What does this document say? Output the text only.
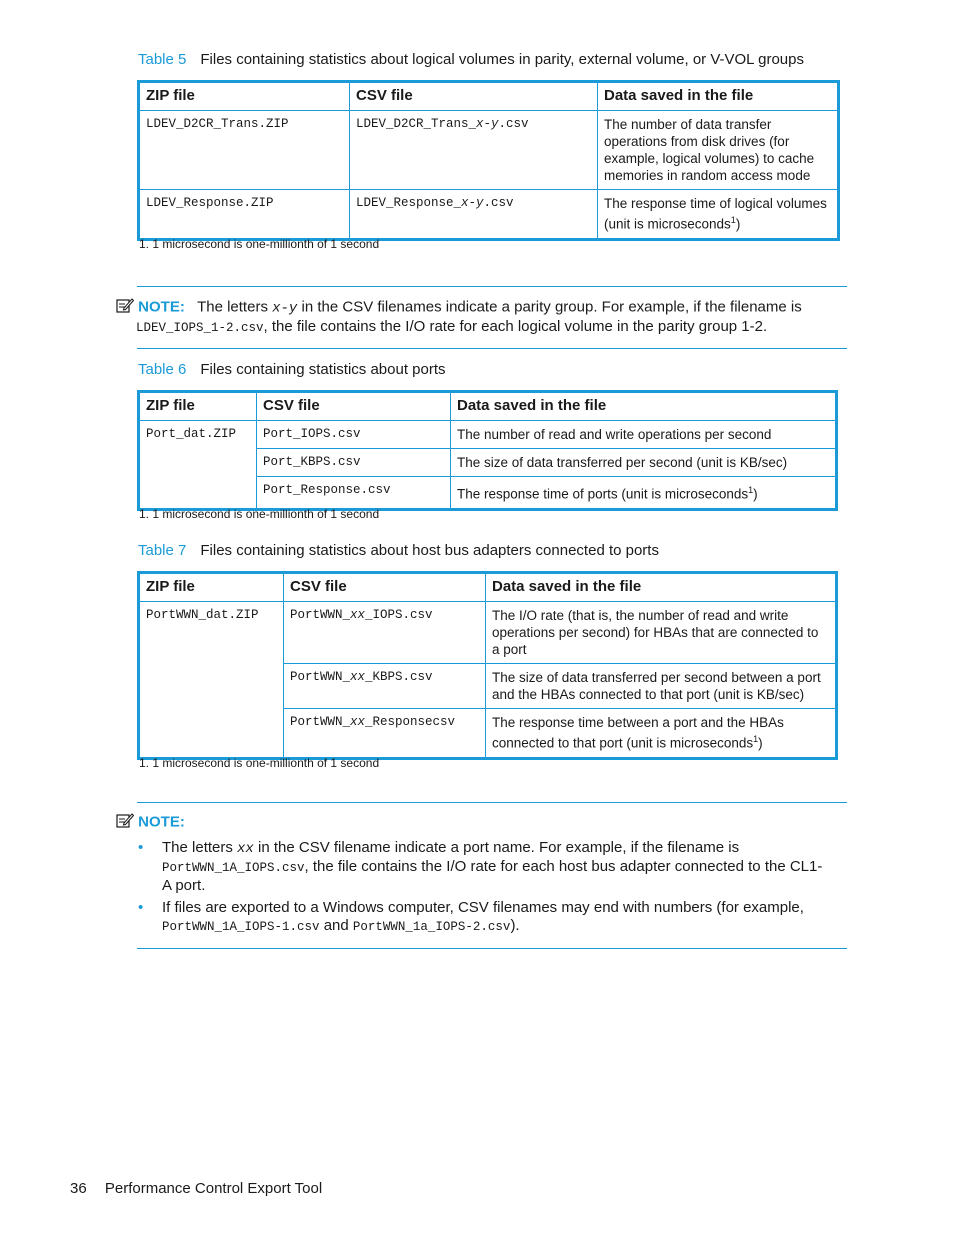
Table 5 Files containing statistics about logical volumes in parity, external volume, or V-VOL groups
ZIP file	CSV file	Data saved in the file
LDEV_D2CR_Trans.ZIP	LDEV_D2CR_Trans_x-y.csv	The number of data transfer operations from disk drives (for example, logical volumes) to cache memories in random access mode
LDEV_Response.ZIP	LDEV_Response_x-y.csv	The response time of logical volumes (unit is microseconds$^1$)
1. 1 microsecond is one-millionth of 1 second
NOTE: The letters x-y in the CSV filenames indicate a parity group. For example, if the filename is
LDEV_IOPS_1-2.csv, the file contains the I/O rate for each logical volume in the parity group 1-2.
Table 6 Files containing statistics about ports
ZIP file	CSV file	Data saved in the file
Port_dat.ZIP	Port_IOPS.csv	The number of read and write operations per second
	Port_KBPS.csv	The size of data transferred per second (unit is KB/sec)
	Port_Response.csv	The response time of ports (unit is microseconds$^1$)
1. 1 microsecond is one-millionth of 1 second
Table 7 Files containing statistics about host bus adapters connected to ports
ZIP file	CSV file	Data saved in the file
PortWWN_dat.ZIP	PortWWN_xx_IOPS.csv	The I/O rate (that is, the number of read and write operations per second) for HBAs that are connected to a port
	PortWWN_xx_KBPS.csv	The size of data transferred per second between a port and the HBAs connected to that port (unit is KB/sec)
	PortWWN_xx_Responsecsv	The response time between a port and the HBAs connected to that port (unit is microseconds$^1$)
1. 1 microsecond is one-millionth of 1 second
NOTE:
• The letters xx in the CSV filename indicate a port name. For example, if the filename is
PortWWN_1A_IOPS.csv, the file contains the I/O rate for each host bus adapter connected to the CL1-A port.
• If files are exported to a Windows computer, CSV filenames may end with numbers (for example,
PortWWN_1A_IOPS-1.csv and PortWWN_1a_IOPS-2.csv).
36 Performance Control Export Tool
